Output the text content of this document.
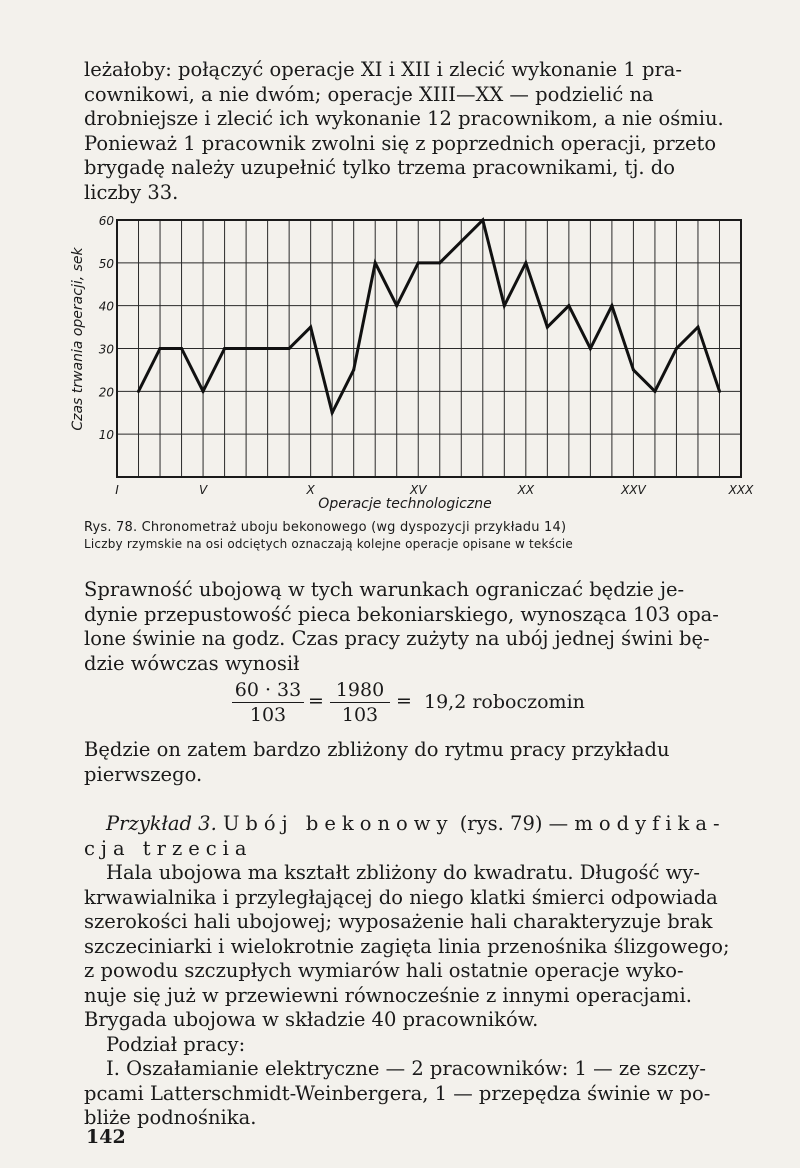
leżałoby: połączyć operacje XI i XII i zlecić wykonanie 1 pra-
cownikowi, a nie dwóm; operacje XIII—XX — podzielić na
drobniejsze i zlecić ich wykonanie 12 pracownikom, a nie ośmiu.
Ponieważ 1 pracownik zwolni się z poprzednich operacji, przeto
brygadę należy uzupełnić tylko trzema pracownikami, tj. do
liczby 33.
10
20
30
40
50
60
I	V	X	XV	XX	XXV	XXX
Czas trwania operacji, sek
Operacje technologiczne
Rys. 78. Chronometraż uboju bekonowego (wg dyspozycji przykładu 14)
Liczby rzymskie na osi odciętych oznaczają kolejne operacje opisane w tekście
Sprawność ubojową w tych warunkach ograniczać będzie je-
dynie przepustowość pieca bekoniarskiego, wynosząca 103 opa-
lone świnie na godz. Czas pracy zużyty na ubój jednej świni bę-
dzie wówczas wynosił
60 · 33
103
= 1980
103
= 19,2 roboczomin
Będzie on zatem bardzo zbliżony do rytmu pracy przykładu
pierwszego.
Przykład 3. Ubój bekonowy (rys. 79) — modyfika-
cja trzecia
Hala ubojowa ma kształt zbliżony do kwadratu. Długość wy-
krwawialnika i przyległającej do niego klatki śmierci odpowiada
szerokości hali ubojowej; wyposażenie hali charakteryzuje brak
szczeciniarki i wielokrotnie zagięta linia przenośnika ślizgowego;
z powodu szczupłych wymiarów hali ostatnie operacje wyko-
nuje się już w przewiewni równocześnie z innymi operacjami.
Brygada ubojowa w składzie 40 pracowników.
Podział pracy:
I. Oszałamianie elektryczne — 2 pracowników: 1 — ze szczy-
pcami Latterschmidt-Weinbergera, 1 — przepędza świnie w po-
bliże podnośnika.
142
